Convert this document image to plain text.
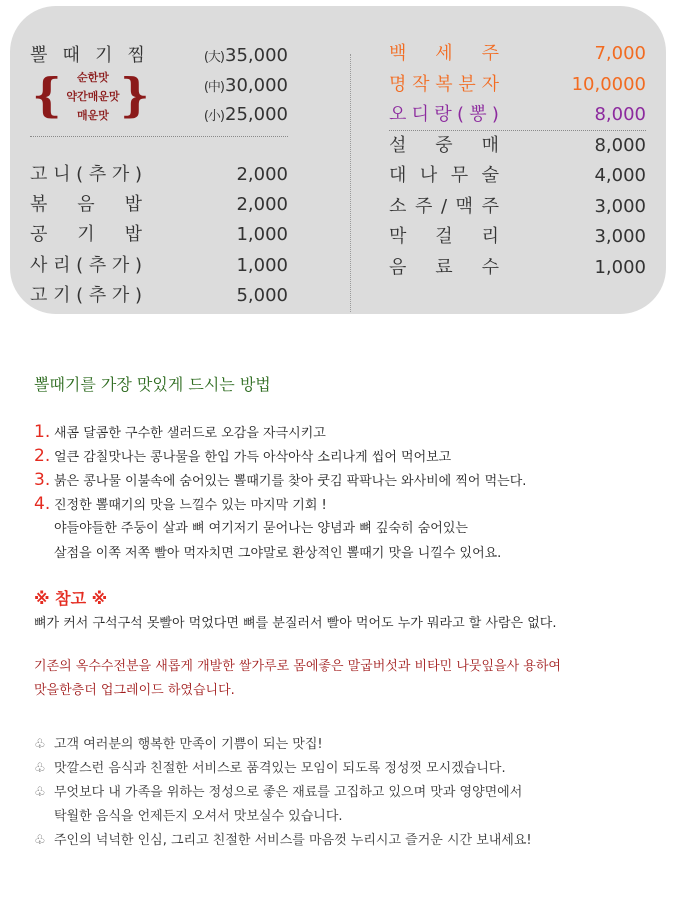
뽈 때 기 찜	(大)35,000
(中)30,000
(小)25,000
{ }
순한맛
약간매운맛
매운맛
고 니 ( 추 가 )	2,000
볶 음 밥	2,000
공 기 밥	1,000
사 리 ( 추 가 )	1,000
고 기 ( 추 가 )	5,000
백 세 주	7,000
명 작 복 분 자	10,0000
오 디 랑 ( 뽕 )	8,000
설 중 매	8,000
대 나 무 술	4,000
소 주 / 맥 주	3,000
막 걸 리	3,000
음 료 수	1,000
뽈때기를 가장 맛있게 드시는 방법
1. 새콤 달콤한 구수한 샐러드로 오감을 자극시키고
2. 얼큰 감칠맛나는 콩나물을 한입 가득 아삭아삭 소리나게 씹어 먹어보고
3. 붉은 콩나물 이불속에 숨어있는 뽈때기를 찾아 쿳김 팍팍나는 와사비에 찍어 먹는다.
4. 진정한 뽈때기의 맛을 느낄수 있는 마지막 기회 !
야들야들한 주둥이 살과 뼈 여기저기 묻어나는 양념과 뼈 깊숙히 숨어있는
살점을 이쪽 저쪽 빨아 먹자치면 그야말로 환상적인 뽈때기 맛을 니낄수 있어요.
※ 참고 ※
뼈가 커서 구석구석 못빨아 먹었다면 뼈를 분질러서 빨아 먹어도 누가 뭐라고 할 사람은 없다.
기존의 옥수수전분을 새롭게 개발한 쌀가루로 몸에좋은 말굽버섯과 비타민 나뭇잎을사 용하여
맛을한층더 업그레이드 하였습니다.
♧ 고객 여러분의 행복한 만족이 기쁨이 되는 맛집!
♧ 맛깔스런 음식과 친절한 서비스로 품격있는 모임이 되도록 정성껏 모시겠습니다.
♧ 무엇보다 내 가족을 위하는 정성으로 좋은 재료를 고집하고 있으며 맛과 영양면에서
탁월한 음식을 언제든지 오셔서 맛보실수 있습니다.
♧ 주인의 넉넉한 인심, 그리고 친절한 서비스를 마음껏 누리시고 즐거운 시간 보내세요!
